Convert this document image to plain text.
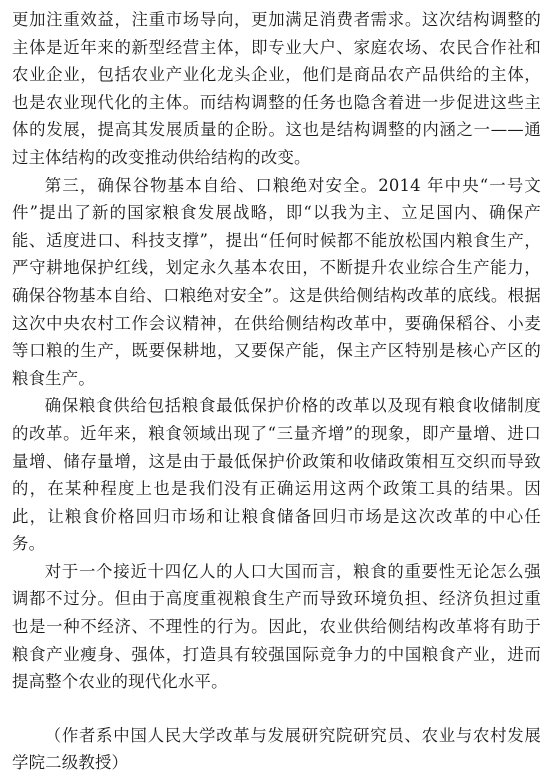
更加注重效益，注重市场导向，更加满足消费者需求。这次结构调整的主体是近年来的新型经营主体，即专业大户、家庭农场、农民合作社和农业企业，包括农业产业化龙头企业，他们是商品农产品供给的主体，也是农业现代化的主体。而结构调整的任务也隐含着进一步促进这些主体的发展，提高其发展质量的企盼。这也是结构调整的内涵之一——通过主体结构的改变推动供给结构的改变。

第三，确保谷物基本自给、口粮绝对安全。2014 年中央“一号文件”提出了新的国家粮食发展战略，即“以我为主、立足国内、确保产能、适度进口、科技支撑”，提出“任何时候都不能放松国内粮食生产，严守耕地保护红线，划定永久基本农田，不断提升农业综合生产能力，确保谷物基本自给、口粮绝对安全”。这是供给侧结构改革的底线。根据这次中央农村工作会议精神，在供给侧结构改革中，要确保稻谷、小麦等口粮的生产，既要保耕地，又要保产能，保主产区特别是核心产区的粮食生产。

确保粮食供给包括粮食最低保护价格的改革以及现有粮食收储制度的改革。近年来，粮食领域出现了“三量齐增”的现象，即产量增、进口量增、储存量增，这是由于最低保护价政策和收储政策相互交织而导致的，在某种程度上也是我们没有正确运用这两个政策工具的结果。因此，让粮食价格回归市场和让粮食储备回归市场是这次改革的中心任务。

对于一个接近十四亿人的人口大国而言，粮食的重要性无论怎么强调都不过分。但由于高度重视粮食生产而导致环境负担、经济负担过重也是一种不经济、不理性的行为。因此，农业供给侧结构改革将有助于粮食产业瘦身、强体，打造具有较强国际竞争力的中国粮食产业，进而提高整个农业的现代化水平。

（作者系中国人民大学改革与发展研究院研究员、农业与农村发展学院二级教授）
